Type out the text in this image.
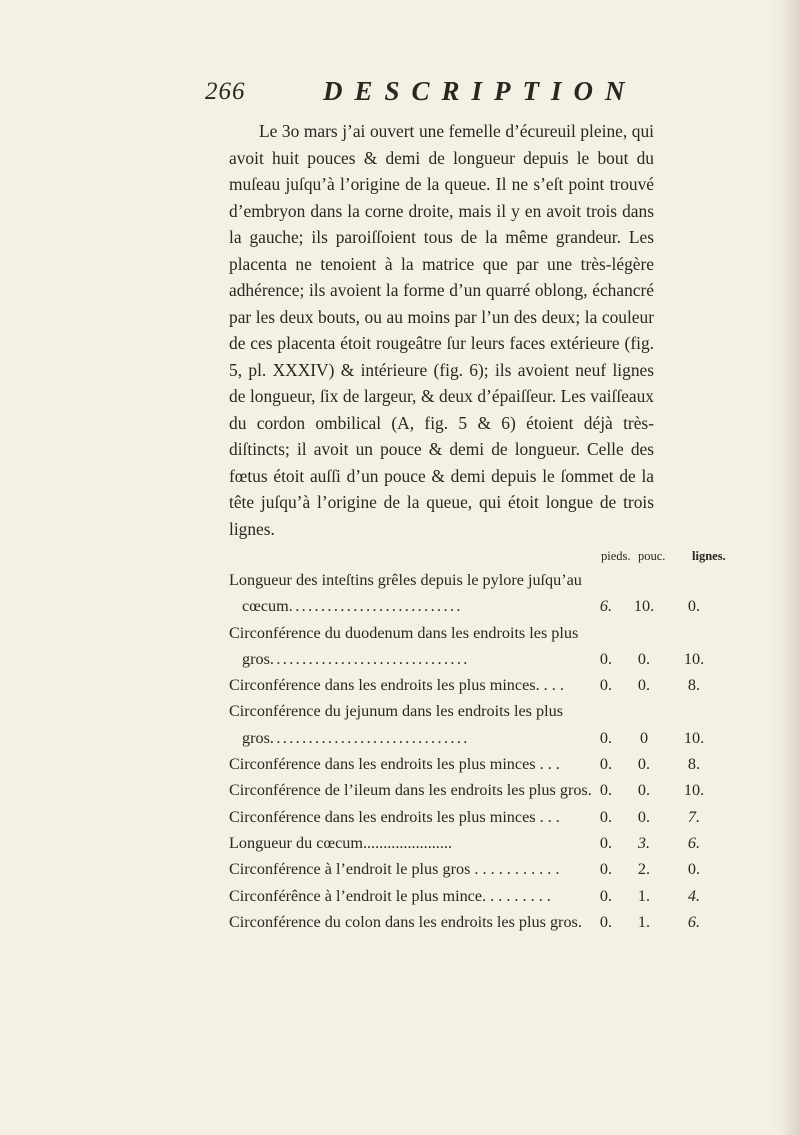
266	DESCRIPTION

Le 3o mars j’ai ouvert une femelle d’écureuil pleine, qui avoit huit pouces & demi de longueur depuis le bout du muſeau juſqu’à l’origine de la queue. Il ne s’eſt point trouvé d’embryon dans la corne droite, mais il y en avoit trois dans la gauche; ils paroiſſoient tous de la même grandeur. Les placenta ne tenoient à la matrice que par une très-légère adhérence; ils avoient la forme d’un quarré oblong, échancré par les deux bouts, ou au moins par l’un des deux; la couleur de ces placenta étoit rougeâtre ſur leurs faces extérieure (fig. 5, pl. XXXIV) & intérieure (fig. 6); ils avoient neuf lignes de longueur, ſix de largeur, & deux d’épaiſſeur. Les vaiſſeaux du cordon ombilical (A, fig. 5 & 6) étoient déjà très-diſtincts; il avoit un pouce & demi de longueur. Celle des fœtus étoit auſſi d’un pouce & demi depuis le ſommet de la tête juſqu’à l’origine de la queue, qui étoit longue de trois lignes.

pieds. pouc. lignes.
Longueur des inteſtins grêles depuis le pylore juſqu’au
cœcum...........................	6.	10.	0.
Circonférence du duodenum dans les endroits les plus
gros...............................	0.	0.	10.
Circonférence dans les endroits les plus minces. . . .	0.	0.	8.
Circonférence du jejunum dans les endroits les plus
gros...............................	0.	0	10.
Circonférence dans les endroits les plus minces . . .	0.	0.	8.
Circonférence de l’ileum dans les endroits les plus gros. 0.	0.	10.
Circonférence dans les endroits les plus minces . . .	0.	0.	7.
Longueur du cœcum......................	0.	3.	6.
Circonférence à l’endroit le plus gros . . . . . . . . . . .	0.	2.	0.
Circonférênce à l’endroit le plus mince. . . . . . . . .	0.	1.	4.
Circonférence du colon dans les endroits les plus gros.	0.	1.	6.
